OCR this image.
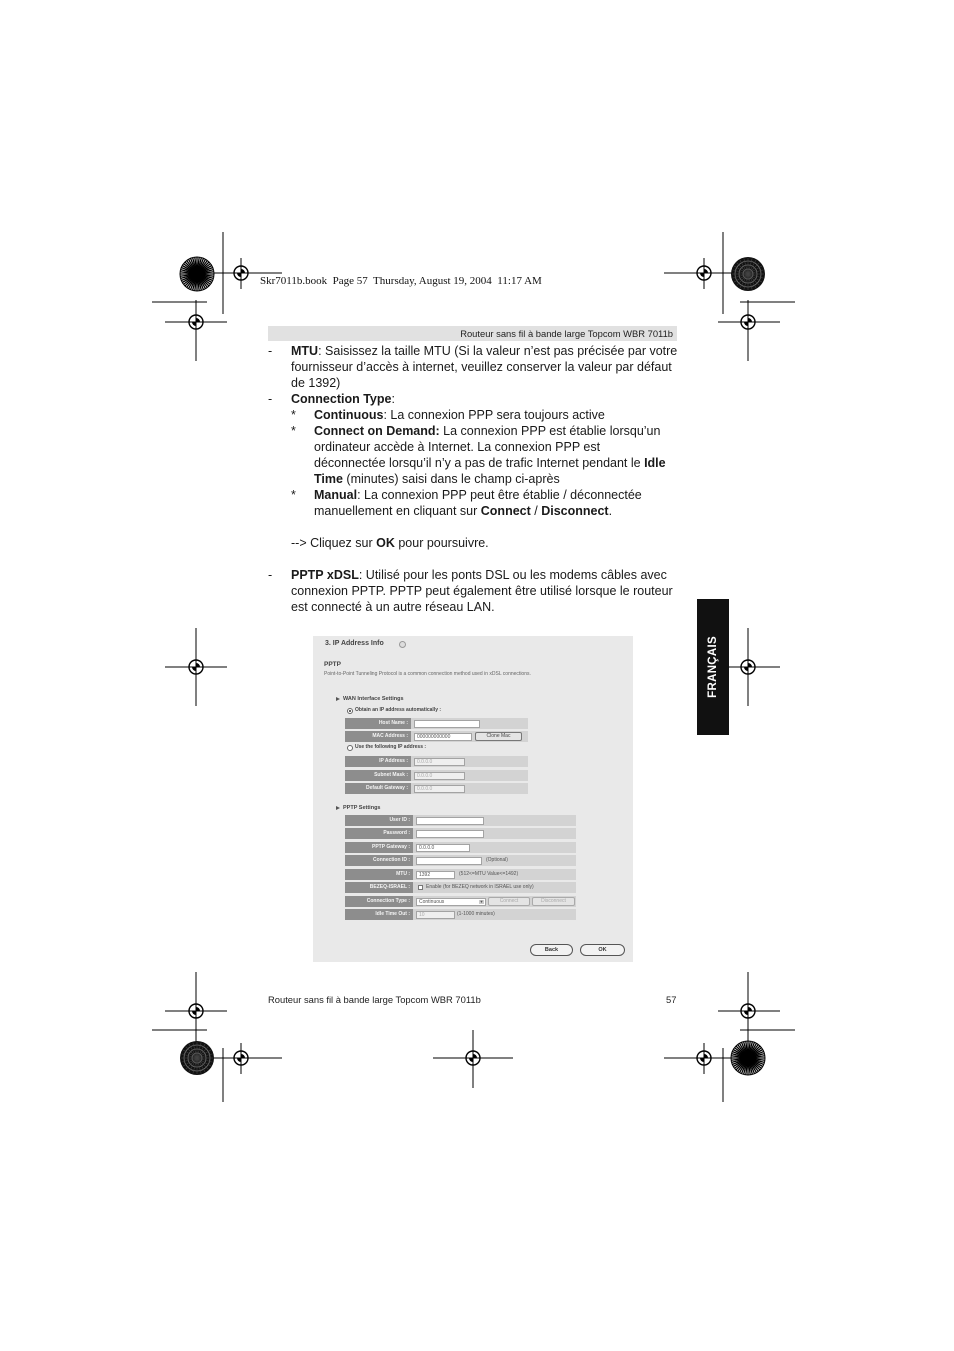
Skr7011b.book  Page 57  Thursday, August 19, 2004  11:17 AM
Routeur sans fil à bande large Topcom WBR 7011b
- MTU: Saisissez la taille MTU (Si la valeur n’est pas précisée par votre
fournisseur d’accès à internet, veuillez conserver la valeur par défaut
de 1392)
- Connection Type:
* Continuous: La connexion PPP sera toujours active
* Connect on Demand: La connexion PPP est établie lorsqu’un
ordinateur accède à Internet. La connexion PPP est
déconnectée lorsqu’il n’y a pas de trafic Internet pendant le Idle
Time (minutes) saisi dans le champ ci-après
* Manual: La connexion PPP peut être établie / déconnectée
manuellement en cliquant sur Connect / Disconnect.
--> Cliquez sur OK pour poursuivre.
- PPTP xDSL: Utilisé pour les ponts DSL ou les modems câbles avec
connexion PPTP. PPTP peut également être utilisé lorsque le routeur
est connecté à un autre réseau LAN.
FRANÇAIS
3. IP Address Info
PPTP
Point-to-Point Tunneling Protocol is a common connection method used in xDSL connections.
WAN Interface Settings
Obtain an IP address automatically :
Host Name :
MAC Address :	000000000000	Clone Mac
Use the following IP address :
IP Address :	0.0.0.0
Subnet Mask :	0.0.0.0
Default Gateway :	0.0.0.0
PPTP Settings
User ID :
Password :
PPTP Gateway :	0.0.0.0
Connection ID :	(Optional)
MTU :	1392	(512<=MTU Value<=1492)
BEZEQ-ISRAEL :	Enable (for BEZEQ network in ISRAEL use only)
Connection Type :	Continuous	▼	Connect	Disconnect
Idle Time Out :	10	(1-1000 minutes)
Back	OK
Routeur sans fil à bande large Topcom WBR 7011b	57
